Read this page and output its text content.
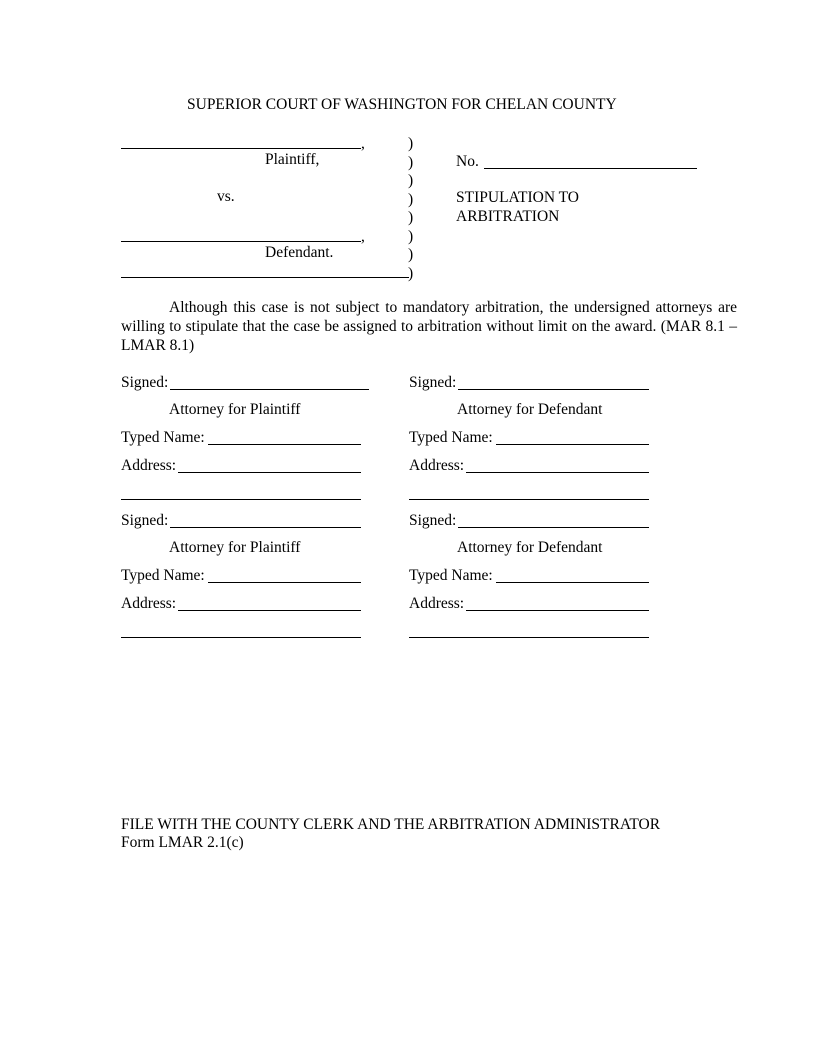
SUPERIOR COURT OF WASHINGTON FOR CHELAN COUNTY
,
Plaintiff,
vs.
,
Defendant.
)
)
)
)
)
)
)
)
No.
STIPULATION TO
ARBITRATION
Although this case is not subject to mandatory arbitration, the undersigned attorneys are willing to stipulate that the case be assigned to arbitration without limit on the award. (MAR 8.1 – LMAR 8.1)
Signed:
Attorney for Plaintiff
Typed Name:
Address:
Signed:
Attorney for Defendant
Typed Name:
Address:
Signed:
Attorney for Plaintiff
Typed Name:
Address:
Signed:
Attorney for Defendant
Typed Name:
Address:
FILE WITH THE COUNTY CLERK AND THE ARBITRATION ADMINISTRATOR
Form LMAR 2.1(c)
